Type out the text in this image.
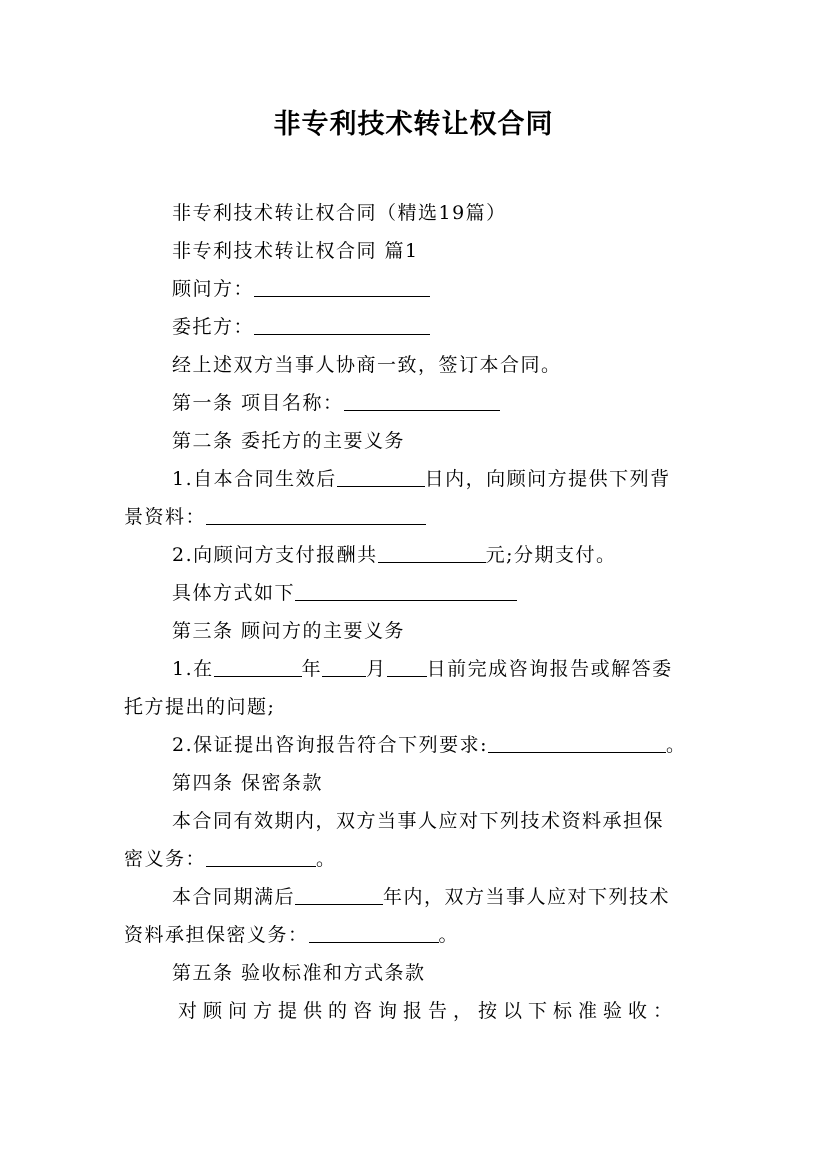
非专利技术转让权合同
非专利技术转让权合同（精选19篇）
非专利技术转让权合同 篇1
顾问方：
委托方：
经上述双方当事人协商一致，签订本合同。
第一条 项目名称：
第二条 委托方的主要义务
1.自本合同生效后	日内，向顾问方提供下列背
景资料：
2.向顾问方支付报酬共	元;分期支付。
具体方式如下
第三条 顾问方的主要义务
1.在	年 月 日前完成咨询报告或解答委
托方提出的问题;
2.保证提出咨询报告符合下列要求:	。
第四条 保密条款
本合同有效期内，双方当事人应对下列技术资料承担保
密义务：	。
本合同期满后	年内，双方当事人应对下列技术
资料承担保密义务：	。
第五条 验收标准和方式条款
对顾问方提供的咨询报告，按以下标准验收：
